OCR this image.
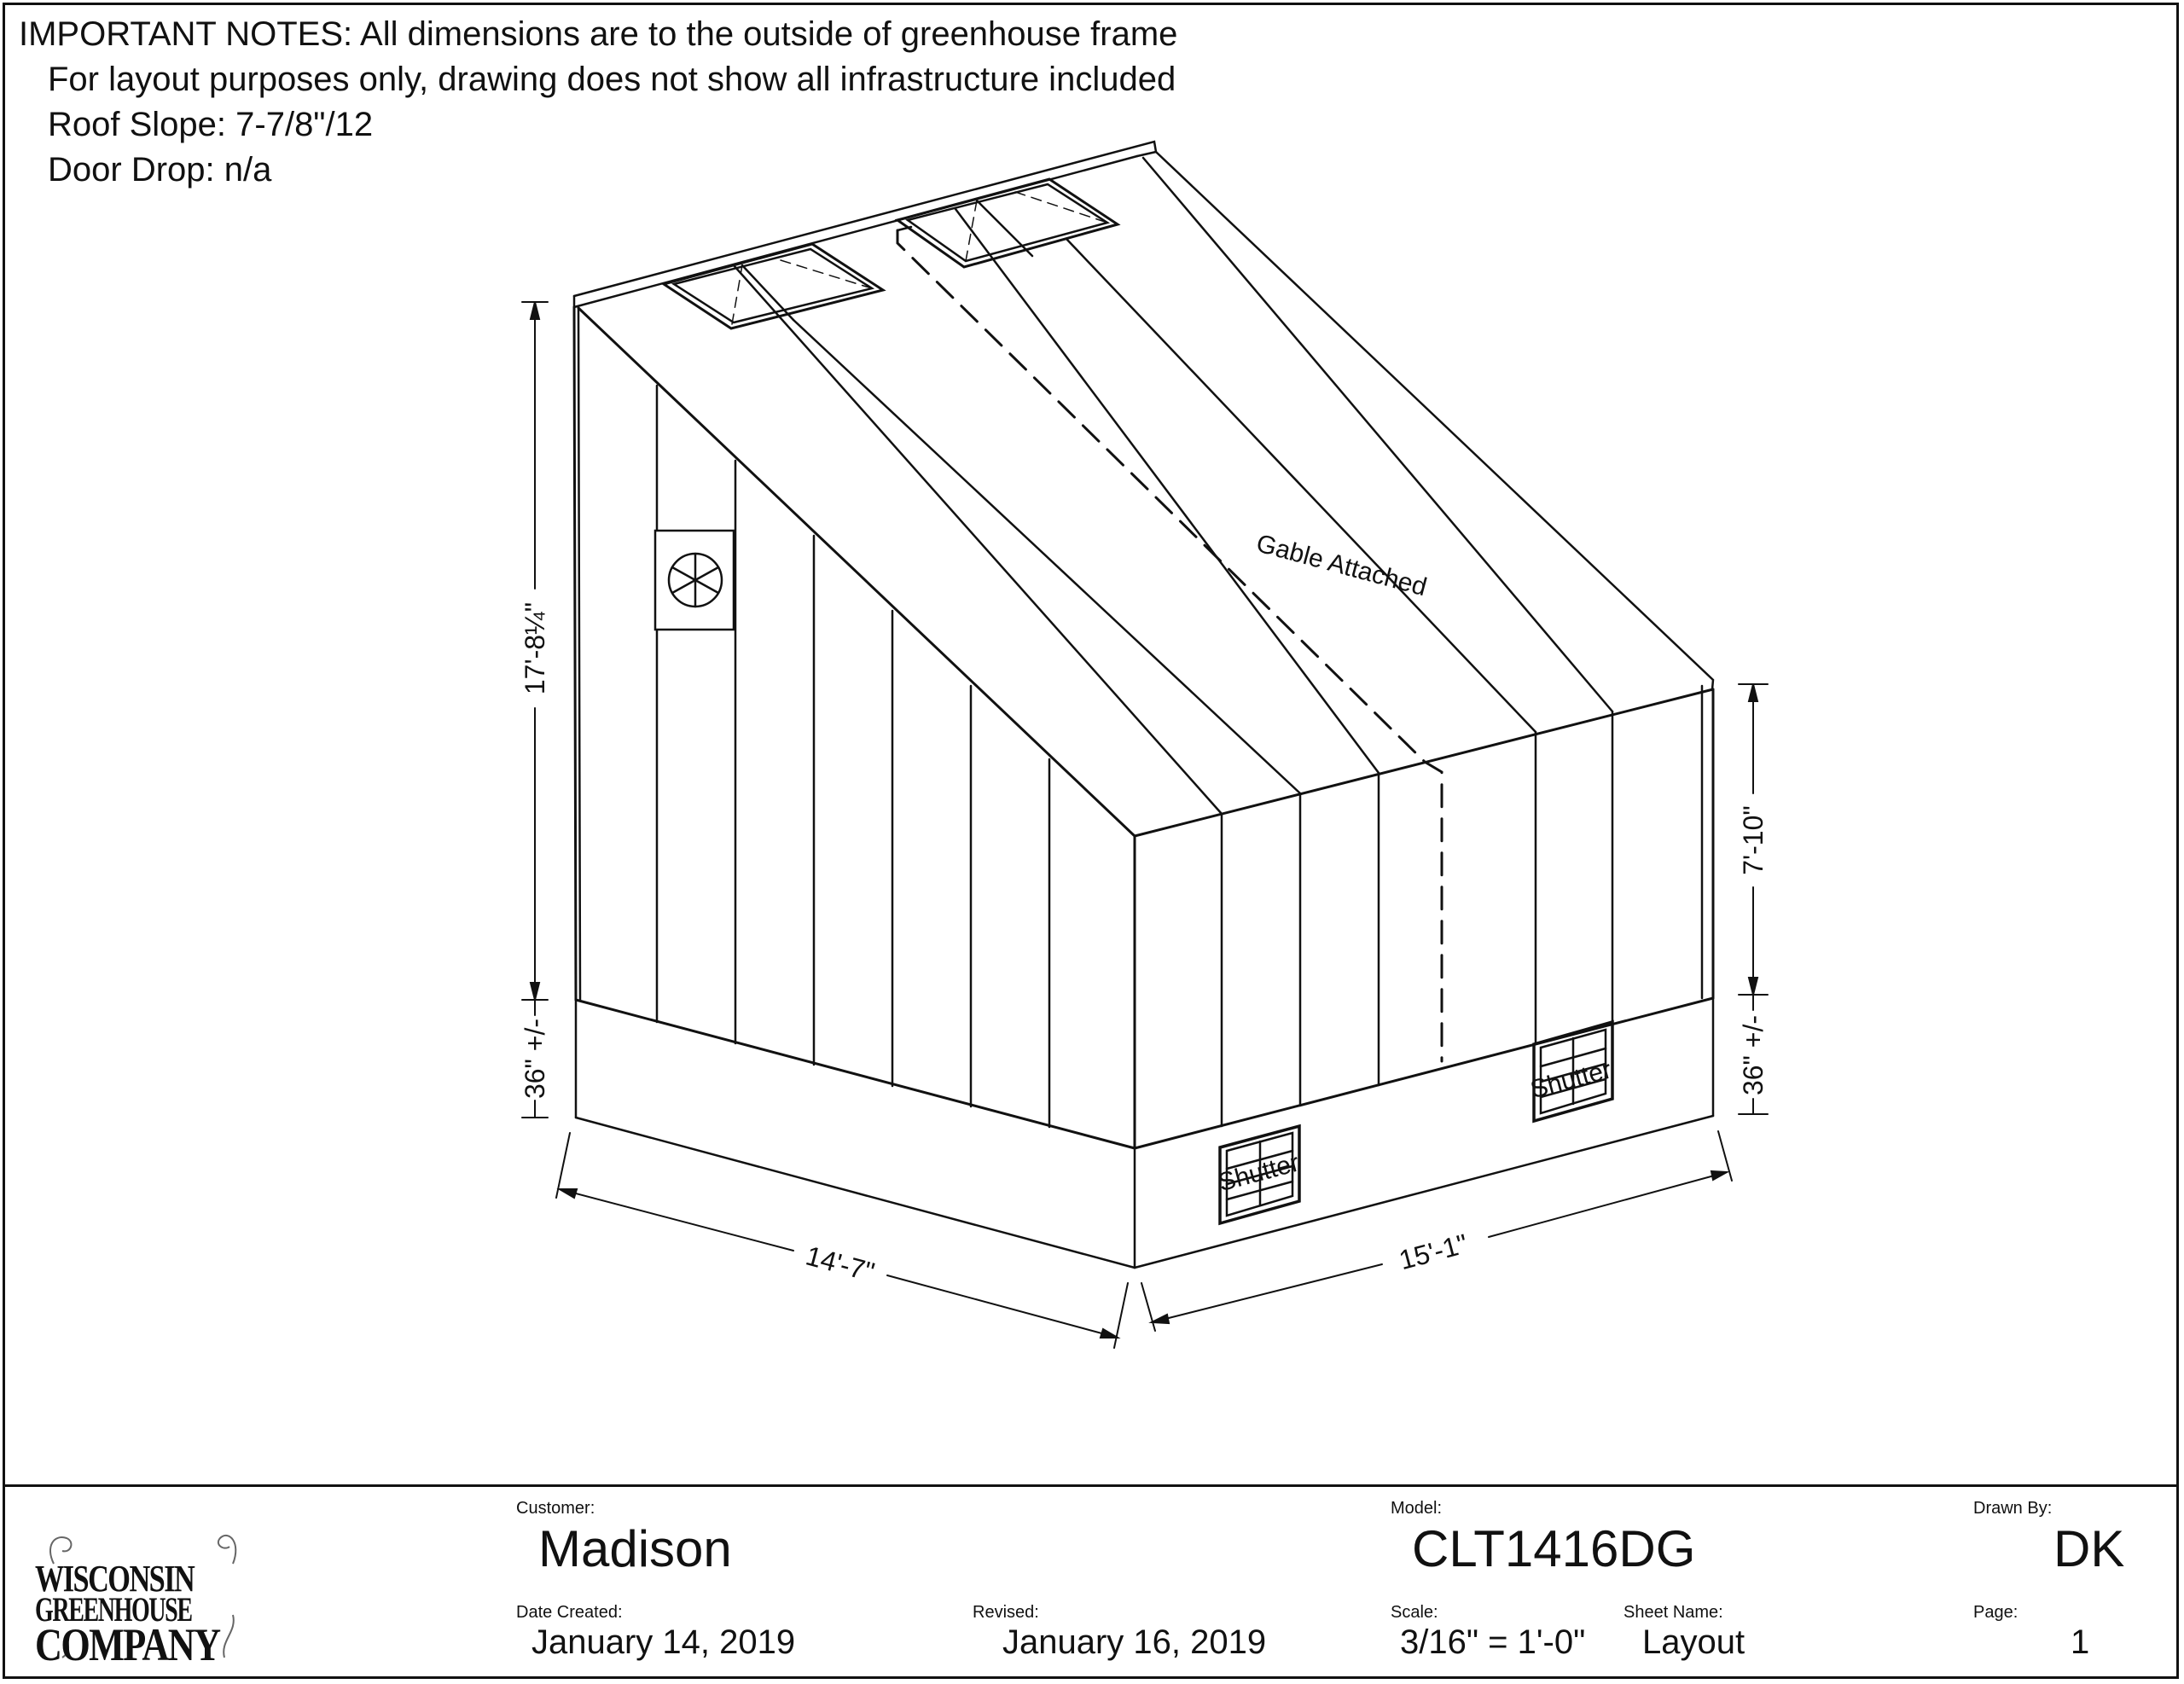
IMPORTANT NOTES: All dimensions are to the outside of greenhouse frame
For layout purposes only, drawing does not show all infrastructure included
Roof Slope: 7-7/8"/12
Door Drop: n/a
Gable Attached
Shutter
Shutter
17'-8¼"
36" +/-
7'-10"
36" +/-
14'-7"	15'-1"
WISCONSIN
GREENHOUSE
COMPANY
Customer:
Madison
Model:
CLT1416DG
Drawn By:
DK
Date Created:
January 14, 2019
Revised:
January 16, 2019
Scale:
3/16" = 1'-0"
Sheet Name:
Layout
Page:
1
